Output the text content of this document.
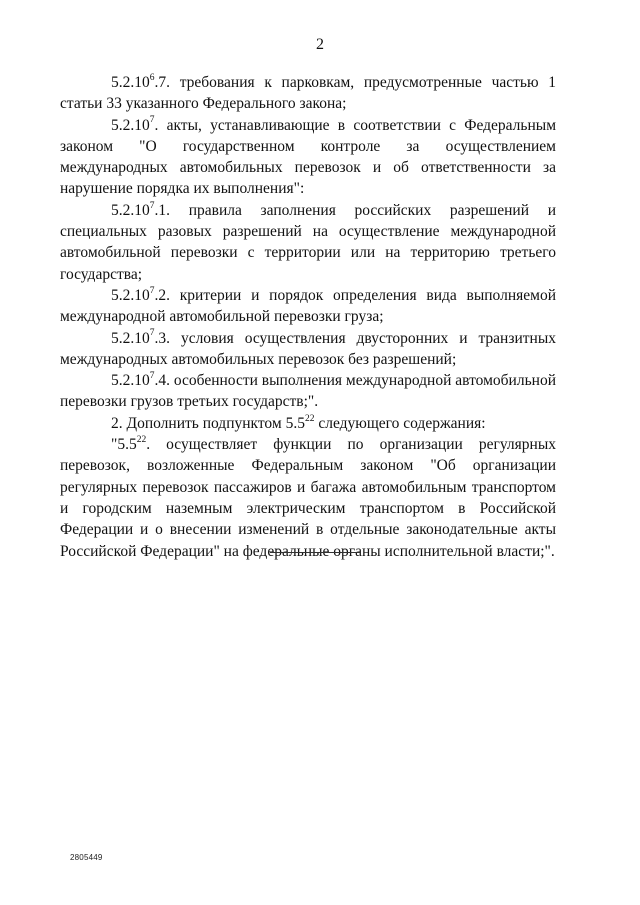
2

5.2.10$^6$.7. требования к парковкам, предусмотренные частью 1 статьи 33 указанного Федерального закона;

5.2.10$^7$. акты, устанавливающие в соответствии с Федеральным законом "О государственном контроле за осуществлением международных автомобильных перевозок и об ответственности за нарушение порядка их выполнения":

5.2.10$^7$.1. правила заполнения российских разрешений и специальных разовых разрешений на осуществление международной автомобильной перевозки с территории или на территорию третьего государства;

5.2.10$^7$.2. критерии и порядок определения вида выполняемой международной автомобильной перевозки груза;

5.2.10$^7$.3. условия осуществления двусторонних и транзитных международных автомобильных перевозок без разрешений;

5.2.10$^7$.4. особенности выполнения международной автомобильной перевозки грузов третьих государств;".

2. Дополнить подпунктом $5.5^{22}$ следующего содержания:

"$5.5^{22}$. осуществляет функции по организации регулярных перевозок, возложенные Федеральным законом "Об организации регулярных перевозок пассажиров и багажа автомобильным транспортом и городским наземным электрическим транспортом в Российской Федерации и о внесении изменений в отдельные законодательные акты Российской Федерации" на федеральные органы исполнительной власти;".

2805449
